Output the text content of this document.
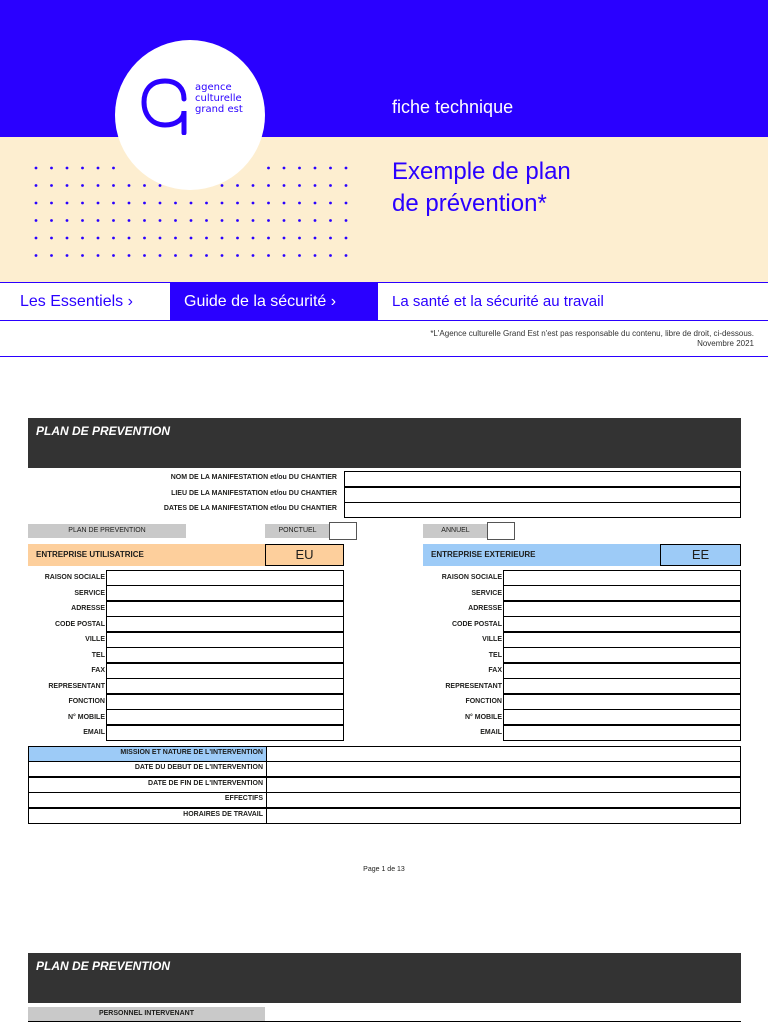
agence
culturelle
grand est	fiche technique
Exemple de plan
de prévention*
Les Essentiels ›	Guide de la sécurité ›	La santé et la sécurité au travail
*L'Agence culturelle Grand Est n'est pas responsable du contenu, libre de droit, ci-dessous.
Novembre 2021
PLAN DE PREVENTION
NOM DE LA MANIFESTATION et/ou DU CHANTIER
LIEU DE LA MANIFESTATION et/ou DU CHANTIER
DATES DE LA MANIFESTATION et/ou DU CHANTIER
PLAN DE PREVENTION	PONCTUEL	ANNUEL
ENTREPRISE UTILISATRICE	EU	ENTREPRISE EXTERIEURE	EE
RAISON SOCIALE
SERVICE
ADRESSE
CODE POSTAL
VILLE
TEL
FAX
REPRESENTANT
FONCTION
N° MOBILE
EMAIL
RAISON SOCIALE
SERVICE
ADRESSE
CODE POSTAL
VILLE
TEL
FAX
REPRESENTANT
FONCTION
N° MOBILE
EMAIL
MISSION ET NATURE DE L'INTERVENTION
DATE DU DEBUT DE L'INTERVENTION
DATE DE FIN DE L'INTERVENTION
EFFECTIFS
HORAIRES DE TRAVAIL
Page 1 de 13
PLAN DE PREVENTION
PERSONNEL INTERVENANT
